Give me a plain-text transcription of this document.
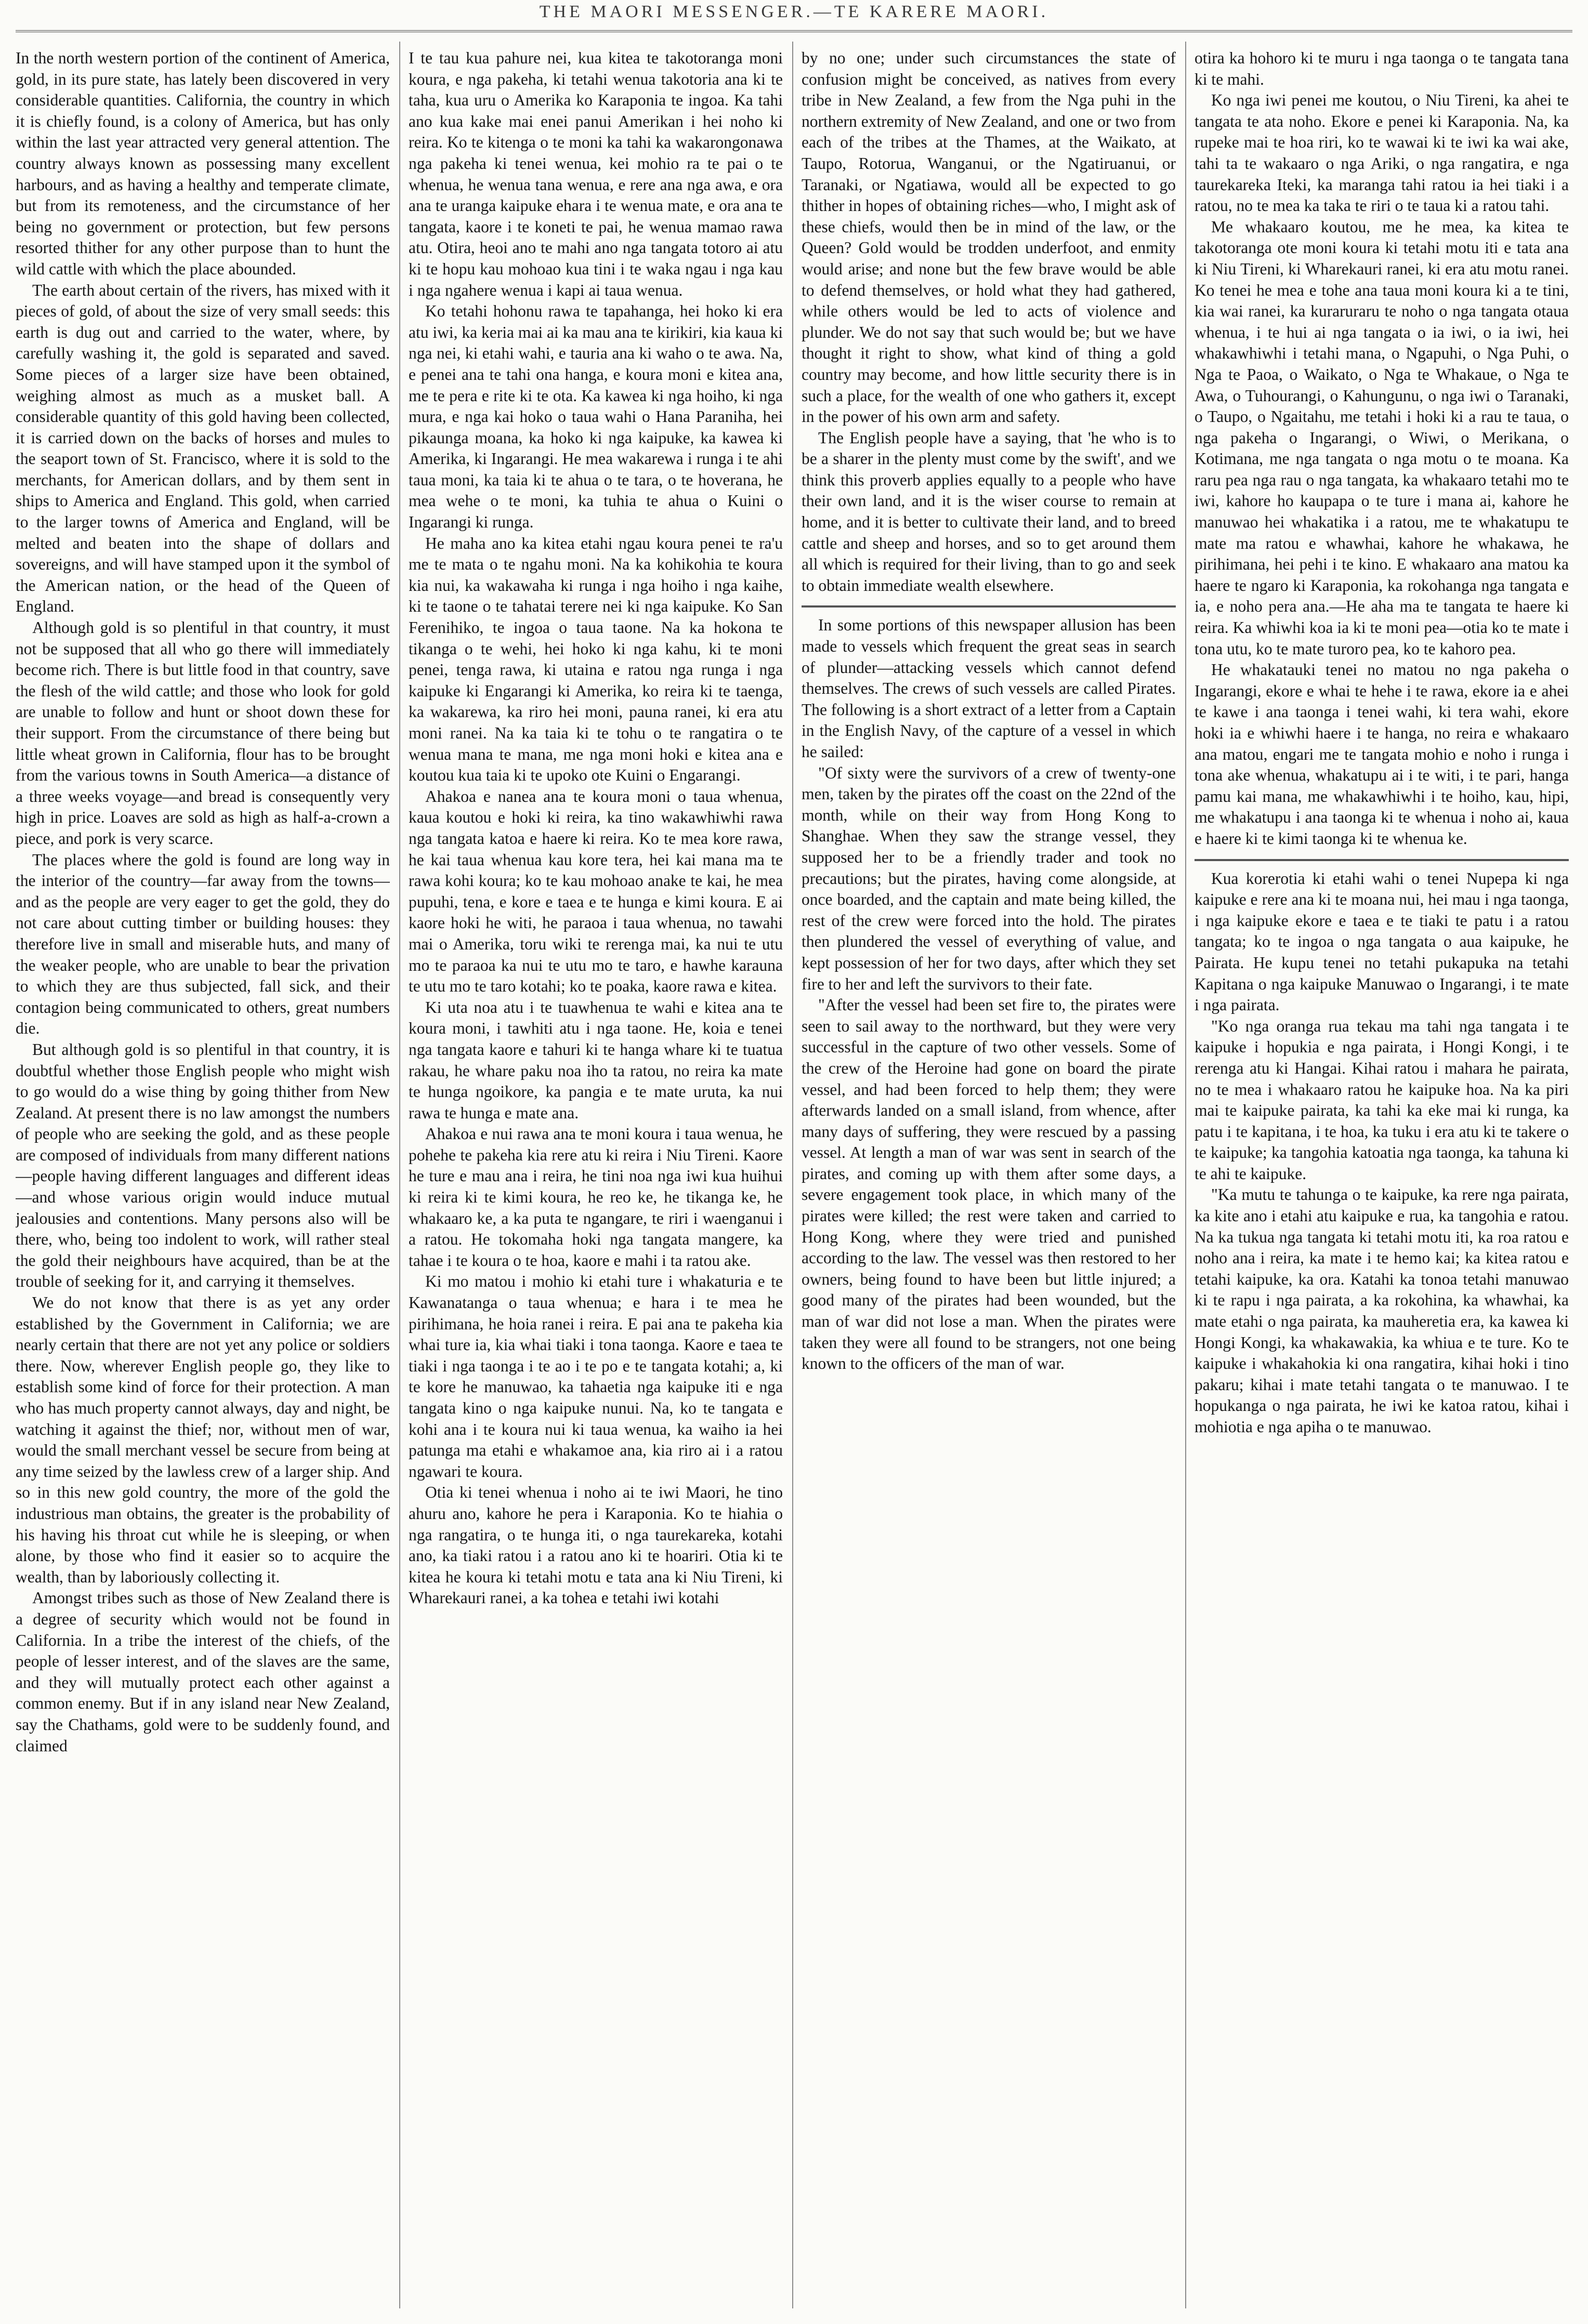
THE MAORI MESSENGER.—TE KARERE MAORI.

In the north western portion of the continent of America, gold, in its pure state, has lately been discovered in very considerable quantities. California, the country in which it is chiefly found, is a colony of America, but has only within the last year attracted very general attention. The country always known as possessing many excellent harbours, and as having a healthy and temperate climate, but from its remoteness, and the circumstance of her being no government or protection, but few persons resorted thither for any other purpose than to hunt the wild cattle with which the place abounded.

The earth about certain of the rivers, has mixed with it pieces of gold, of about the size of very small seeds: this earth is dug out and carried to the water, where, by carefully washing it, the gold is separated and saved. Some pieces of a larger size have been obtained, weighing almost as much as a musket ball. A considerable quantity of this gold having been collected, it is carried down on the backs of horses and mules to the seaport town of St. Francisco, where it is sold to the merchants, for American dollars, and by them sent in ships to America and England. This gold, when carried to the larger towns of America and England, will be melted and beaten into the shape of dollars and sovereigns, and will have stamped upon it the symbol of the American nation, or the head of the Queen of England.

Although gold is so plentiful in that country, it must not be supposed that all who go there will immediately become rich. There is but little food in that country, save the flesh of the wild cattle; and those who look for gold are unable to follow and hunt or shoot down these for their support. From the circumstance of there being but little wheat grown in California, flour has to be brought from the various towns in South America—a distance of a three weeks voyage—and bread is consequently very high in price. Loaves are sold as high as half-a-crown a piece, and pork is very scarce.

The places where the gold is found are long way in the interior of the country—far away from the towns—and as the people are very eager to get the gold, they do not care about cutting timber or building houses: they therefore live in small and miserable huts, and many of the weaker people, who are unable to bear the privation to which they are thus subjected, fall sick, and their contagion being communicated to others, great numbers die.

But although gold is so plentiful in that country, it is doubtful whether those English people who might wish to go would do a wise thing by going thither from New Zealand. At present there is no law amongst the numbers of people who are seeking the gold, and as these people are composed of individuals from many different nations—people having different languages and different ideas—and whose various origin would induce mutual jealousies and contentions. Many persons also will be there, who, being too indolent to work, will rather steal the gold their neighbours have acquired, than be at the trouble of seeking for it, and carrying it themselves.

We do not know that there is as yet any order established by the Government in California; we are nearly certain that there are not yet any police or soldiers there. Now, wherever English people go, they like to establish some kind of force for their protection. A man who has much property cannot always, day and night, be watching it against the thief; nor, without men of war, would the small merchant vessel be secure from being at any time seized by the lawless crew of a larger ship. And so in this new gold country, the more of the gold the industrious man obtains, the greater is the probability of his having his throat cut while he is sleeping, or when alone, by those who find it easier so to acquire the wealth, than by laboriously collecting it.

Amongst tribes such as those of New Zealand there is a degree of security which would not be found in California. In a tribe the interest of the chiefs, of the people of lesser interest, and of the slaves are the same, and they will mutually protect each other against a common enemy. But if in any island near New Zealand, say the Chathams, gold were to be suddenly found, and claimed

I te tau kua pahure nei, kua kitea te takotoranga moni koura, e nga pakeha, ki tetahi wenua takotoria ana ki te taha, kua uru o Amerika ko Karaponia te ingoa. Ka tahi ano kua kake mai enei panui Amerikan i hei noho ki reira. Ko te kitenga o te moni ka tahi ka wakarongonawa nga pakeha ki tenei wenua, kei mohio ra te pai o te whenua, he wenua tana wenua, e rere ana nga awa, e ora ana te uranga kaipuke ehara i te wenua mate, e ora ana te tangata, kaore i te koneti te pai, he wenua mamao rawa atu. Otira, heoi ano te mahi ano nga tangata totoro ai atu ki te hopu kau mohoao kua tini i te waka ngau i nga kau i nga ngahere wenua i kapi ai taua wenua.

Ko tetahi hohonu rawa te tapahanga, hei hoko ki era atu iwi, ka keria mai ai ka mau ana te kirikiri, kia kaua ki nga nei, ki etahi wahi, e tauria ana ki waho o te awa. Na, e penei ana te tahi ona hanga, e koura moni e kitea ana, me te pera e rite ki te ota. Ka kawea ki nga hoiho, ki nga mura, e nga kai hoko o taua wahi o Hana Paraniha, hei pikaunga moana, ka hoko ki nga kaipuke, ka kawea ki Amerika, ki Ingarangi. He mea wakarewa i runga i te ahi taua moni, ka taia ki te ahua o te tara, o te hoverana, he mea wehe o te moni, ka tuhia te ahua o Kuini o Ingarangi ki runga.

He maha ano ka kitea etahi ngau koura penei te ra'u me te mata o te ngahu moni. Na ka kohikohia te koura kia nui, ka wakawaha ki runga i nga hoiho i nga kaihe, ki te taone o te tahatai terere nei ki nga kaipuke. Ko San Ferenihiko, te ingoa o taua taone. Na ka hokona te tikanga o te wehi, hei hoko ki nga kahu, ki te moni penei, tenga rawa, ki utaina e ratou nga runga i nga kaipuke ki Engarangi ki Amerika, ko reira ki te taenga, ka wakarewa, ka riro hei moni, pauna ranei, ki era atu moni ranei. Na ka taia ki te tohu o te rangatira o te wenua mana te mana, me nga moni hoki e kitea ana e koutou kua taia ki te upoko ote Kuini o Engarangi.

Ahakoa e nanea ana te koura moni o taua whenua, kaua koutou e hoki ki reira, ka tino wakawhiwhi rawa nga tangata katoa e haere ki reira. Ko te mea kore rawa, he kai taua whenua kau kore tera, hei kai mana ma te rawa kohi koura; ko te kau mohoao anake te kai, he mea pupuhi, tena, e kore e taea e te hunga e kimi koura. E ai kaore hoki he witi, he paraoa i taua whenua, no tawahi mai o Amerika, toru wiki te rerenga mai, ka nui te utu mo te paraoa ka nui te utu mo te taro, e hawhe karauna te utu mo te taro kotahi; ko te poaka, kaore rawa e kitea.

Ki uta noa atu i te tuawhenua te wahi e kitea ana te koura moni, i tawhiti atu i nga taone. He, koia e tenei nga tangata kaore e tahuri ki te hanga whare ki te tuatua rakau, he whare paku noa iho ta ratou, no reira ka mate te hunga ngoikore, ka pangia e te mate uruta, ka nui rawa te hunga e mate ana.

Ahakoa e nui rawa ana te moni koura i taua wenua, he pohehe te pakeha kia rere atu ki reira i Niu Tireni. Kaore he ture e mau ana i reira, he tini noa nga iwi kua huihui ki reira ki te kimi koura, he reo ke, he tikanga ke, he whakaaro ke, a ka puta te ngangare, te riri i waenganui i a ratou. He tokomaha hoki nga tangata mangere, ka tahae i te koura o te hoa, kaore e mahi i ta ratou ake.

Ki mo matou i mohio ki etahi ture i whakaturia e te Kawanatanga o taua whenua; e hara i te mea he pirihimana, he hoia ranei i reira. E pai ana te pakeha kia whai ture ia, kia whai tiaki i tona taonga. Kaore e taea te tiaki i nga taonga i te ao i te po e te tangata kotahi; a, ki te kore he manuwao, ka tahaetia nga kaipuke iti e nga tangata kino o nga kaipuke nunui. Na, ko te tangata e kohi ana i te koura nui ki taua wenua, ka waiho ia hei patunga ma etahi e whakamoe ana, kia riro ai i a ratou ngawari te koura.

Otia ki tenei whenua i noho ai te iwi Maori, he tino ahuru ano, kahore he pera i Karaponia. Ko te hiahia o nga rangatira, o te hunga iti, o nga taurekareka, kotahi ano, ka tiaki ratou i a ratou ano ki te hoariri. Otia ki te kitea he koura ki tetahi motu e tata ana ki Niu Tireni, ki Wharekauri ranei, a ka tohea e tetahi iwi kotahi

by no one; under such circumstances the state of confusion might be conceived, as natives from every tribe in New Zealand, a few from the Nga puhi in the northern extremity of New Zealand, and one or two from each of the tribes at the Thames, at the Waikato, at Taupo, Rotorua, Wanganui, or the Ngatiruanui, or Taranaki, or Ngatiawa, would all be expected to go thither in hopes of obtaining riches—who, I might ask of these chiefs, would then be in mind of the law, or the Queen? Gold would be trodden underfoot, and enmity would arise; and none but the few brave would be able to defend themselves, or hold what they had gathered, while others would be led to acts of violence and plunder. We do not say that such would be; but we have thought it right to show, what kind of thing a gold country may become, and how little security there is in such a place, for the wealth of one who gathers it, except in the power of his own arm and safety.

The English people have a saying, that 'he who is to be a sharer in the plenty must come by the swift', and we think this proverb applies equally to a people who have their own land, and it is the wiser course to remain at home, and it is better to cultivate their land, and to breed cattle and sheep and horses, and so to get around them all which is required for their living, than to go and seek to obtain immediate wealth elsewhere.

In some portions of this newspaper allusion has been made to vessels which frequent the great seas in search of plunder—attacking vessels which cannot defend themselves. The crews of such vessels are called Pirates. The following is a short extract of a letter from a Captain in the English Navy, of the capture of a vessel in which he sailed:

"Of sixty were the survivors of a crew of twenty-one men, taken by the pirates off the coast on the 22nd of the month, while on their way from Hong Kong to Shanghae. When they saw the strange vessel, they supposed her to be a friendly trader and took no precautions; but the pirates, having come alongside, at once boarded, and the captain and mate being killed, the rest of the crew were forced into the hold. The pirates then plundered the vessel of everything of value, and kept possession of her for two days, after which they set fire to her and left the survivors to their fate.

"After the vessel had been set fire to, the pirates were seen to sail away to the northward, but they were very successful in the capture of two other vessels. Some of the crew of the Heroine had gone on board the pirate vessel, and had been forced to help them; they were afterwards landed on a small island, from whence, after many days of suffering, they were rescued by a passing vessel. At length a man of war was sent in search of the pirates, and coming up with them after some days, a severe engagement took place, in which many of the pirates were killed; the rest were taken and carried to Hong Kong, where they were tried and punished according to the law. The vessel was then restored to her owners, being found to have been but little injured; a good many of the pirates had been wounded, but the man of war did not lose a man. When the pirates were taken they were all found to be strangers, not one being known to the officers of the man of war.

otira ka hohoro ki te muru i nga taonga o te tangata tana ki te mahi.

Ko nga iwi penei me koutou, o Niu Tireni, ka ahei te tangata te ata noho. Ekore e penei ki Karaponia. Na, ka rupeke mai te hoa riri, ko te wawai ki te iwi ka wai ake, tahi ta te wakaaro o nga Ariki, o nga rangatira, e nga taurekareka Iteki, ka maranga tahi ratou ia hei tiaki i a ratou, no te mea ka taka te riri o te taua ki a ratou tahi.

Me whakaaro koutou, me he mea, ka kitea te takotoranga ote moni koura ki tetahi motu iti e tata ana ki Niu Tireni, ki Wharekauri ranei, ki era atu motu ranei. Ko tenei he mea e tohe ana taua moni koura ki a te tini, kia wai ranei, ka kuraruraru te noho o nga tangata otaua whenua, i te hui ai nga tangata o ia iwi, o ia iwi, hei whakawhiwhi i tetahi mana, o Ngapuhi, o Nga Puhi, o Nga te Paoa, o Waikato, o Nga te Whakaue, o Nga te Awa, o Tuhourangi, o Kahungunu, o nga iwi o Taranaki, o Taupo, o Ngaitahu, me tetahi i hoki ki a rau te taua, o nga pakeha o Ingarangi, o Wiwi, o Merikana, o Kotimana, me nga tangata o nga motu o te moana. Ka raru pea nga rau o nga tangata, ka whakaaro tetahi mo te iwi, kahore ho kaupapa o te ture i mana ai, kahore he manuwao hei whakatika i a ratou, me te whakatupu te mate ma ratou e whawhai, kahore he whakawa, he pirihimana, hei pehi i te kino. E whakaaro ana matou ka haere te ngaro ki Karaponia, ka rokohanga nga tangata e ia, e noho pera ana.—He aha ma te tangata te haere ki reira. Ka whiwhi koa ia ki te moni pea—otia ko te mate i tona utu, ko te mate turoro pea, ko te kahoro pea.

He whakatauki tenei no matou no nga pakeha o Ingarangi, ekore e whai te hehe i te rawa, ekore ia e ahei te kawe i ana taonga i tenei wahi, ki tera wahi, ekore hoki ia e whiwhi haere i te hanga, no reira e whakaaro ana matou, engari me te tangata mohio e noho i runga i tona ake whenua, whakatupu ai i te witi, i te pari, hanga pamu kai mana, me whakawhiwhi i te hoiho, kau, hipi, me whakatupu i ana taonga ki te whenua i noho ai, kaua e haere ki te kimi taonga ki te whenua ke.

Kua korerotia ki etahi wahi o tenei Nupepa ki nga kaipuke e rere ana ki te moana nui, hei mau i nga taonga, i nga kaipuke ekore e taea e te tiaki te patu i a ratou tangata; ko te ingoa o nga tangata o aua kaipuke, he Pairata. He kupu tenei no tetahi pukapuka na tetahi Kapitana o nga kaipuke Manuwao o Ingarangi, i te mate i nga pairata.

"Ko nga oranga rua tekau ma tahi nga tangata i te kaipuke i hopukia e nga pairata, i Hongi Kongi, i te rerenga atu ki Hangai. Kihai ratou i mahara he pairata, no te mea i whakaaro ratou he kaipuke hoa. Na ka piri mai te kaipuke pairata, ka tahi ka eke mai ki runga, ka patu i te kapitana, i te hoa, ka tuku i era atu ki te takere o te kaipuke; ka tangohia katoatia nga taonga, ka tahuna ki te ahi te kaipuke.

"Ka mutu te tahunga o te kaipuke, ka rere nga pairata, ka kite ano i etahi atu kaipuke e rua, ka tangohia e ratou. Na ka tukua nga tangata ki tetahi motu iti, ka roa ratou e noho ana i reira, ka mate i te hemo kai; ka kitea ratou e tetahi kaipuke, ka ora. Katahi ka tonoa tetahi manuwao ki te rapu i nga pairata, a ka rokohina, ka whawhai, ka mate etahi o nga pairata, ka mauheretia era, ka kawea ki Hongi Kongi, ka whakawakia, ka whiua e te ture. Ko te kaipuke i whakahokia ki ona rangatira, kihai hoki i tino pakaru; kihai i mate tetahi tangata o te manuwao. I te hopukanga o nga pairata, he iwi ke katoa ratou, kihai i mohiotia e nga apiha o te manuwao.
